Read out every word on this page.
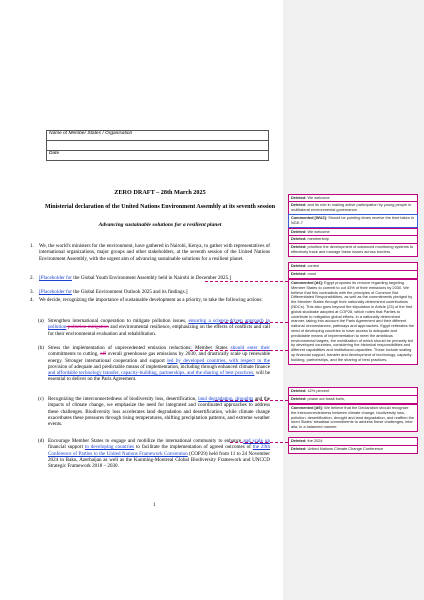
Name of Member States / Organisation

Date
ZERO DRAFT – 28th March 2025
Ministerial declaration of the United Nations Environment Assembly at its seventh session
Advancing sustainable solutions for a resilient planet
1.	We, the world's ministers for the environment, have gathered in Nairobi, Kenya, to gather with representatives of international organizations, major groups and other stakeholders, at the seventh session of the United Nations Environment Assembly, with the urgent aim of advancing sustainable solutions for a resilient planet.
2.	[Placeholder for the Global Youth Environment Assembly held in Nairobi in December 2025.]
3.	[Placeholder for the Global Environment Outlook 2025 and its findings.]
4.	We decide, recognizing the importance of sustainable development as a priority, to take the following actions:
(a) Strengthen international cooperation to mitigate pollution issues, ensuring a science-driven approach to pollution pollution mitigation and environmental resilience, emphasizing on the effects of conflicts and call for their environmental evaluation and rehabilitation.
(b) Stress the implementation of unprecedented emission reductions: Member States should enter their commitments to cutting, off overall greenhouse gas emissions by 2030, and drastically scale up renewable energy. Stronger international cooperation and support led by developed countries, with respect to the provision of adequate and predictable means of implementation, including through enhanced climate finance and affordable technology transfer, capacity-building, partnerships, and the sharing of best practices, will be essential to deliver on the Paris Agreement.
(c) Recognizing the interconnectedness of biodiversity loss, desertification, land degradation, droughts and the impacts of climate change, we emphasize the need for integrated and coordinated approaches to address these challenges. Biodiversity loss accelerates land degradation and desertification, while climate change exacerbates these pressures through rising temperatures, shifting precipitation patterns, and extreme weather events.
(d) Encourage Member States to engage and mobilize the international community to enhance and scale up financial support to developing countries to facilitate the implementation of agreed outcomes of the 29th Conference of Parties to the United Nations Framework Convention (COP29) held from 11 to 24 November 2024 in Baku, Azerbaijan as well as the Kunming-Montreal Global Biodiversity Framework and UNCCD Strategic Framework 2018 – 2030.
1
Deleted: We welcome
Deleted: and its role in making active participation by young people in multilateral environmental governance.
Commented [WU2]: Should be pointing times receive the time taken in NGE-7
Deleted: We welcome
Deleted: membership
Deleted: prioritize the development of advanced monitoring systems to effectively track and manage these issues across borders.
Deleted: control
Deleted: most
Commented [d4]: Egypt proposes its remove regarding targeting Member States to commit to cut 43% of their emissions by 2030. We believe that this contradicts with the principles of Common But Differentiated Responsibilities, as well as the commitments pledged by the Member States through their nationally determined contributions (NDCs). This also goes beyond the stipulation in Article (23) of the first global stocktake adopted at COP28, which notes that Parties to contribute to mitigation global efforts, in a nationally determined manner, taking into account the Paris Agreement and their different national circumstances, pathways and approaches. Egypt reiterates the need of developing countries to have access to adequate and predictable means of implementation to meet the ambitious environmental targets, the mobilization of which should be primarily led by developed countries, considering the historical responsibilities and different capabilities and institutional capacities. These include scaling up financial support, transfer and development of technology, capacity-building, partnerships, and the sharing of best practices.
Deleted: 42% percent
Deleted: phase out fossil fuels,
Commented [d5]: We believe that the Declaration should recognize the interconnectedness between climate change, biodiversity loss, pollution, desertification, drought and land degradation, and reaffirm the need States' steadfast commitments to address these challenges, inter alia, in a balanced manner.
Deleted: the 2024
Deleted: United Nations Climate Change Conference
